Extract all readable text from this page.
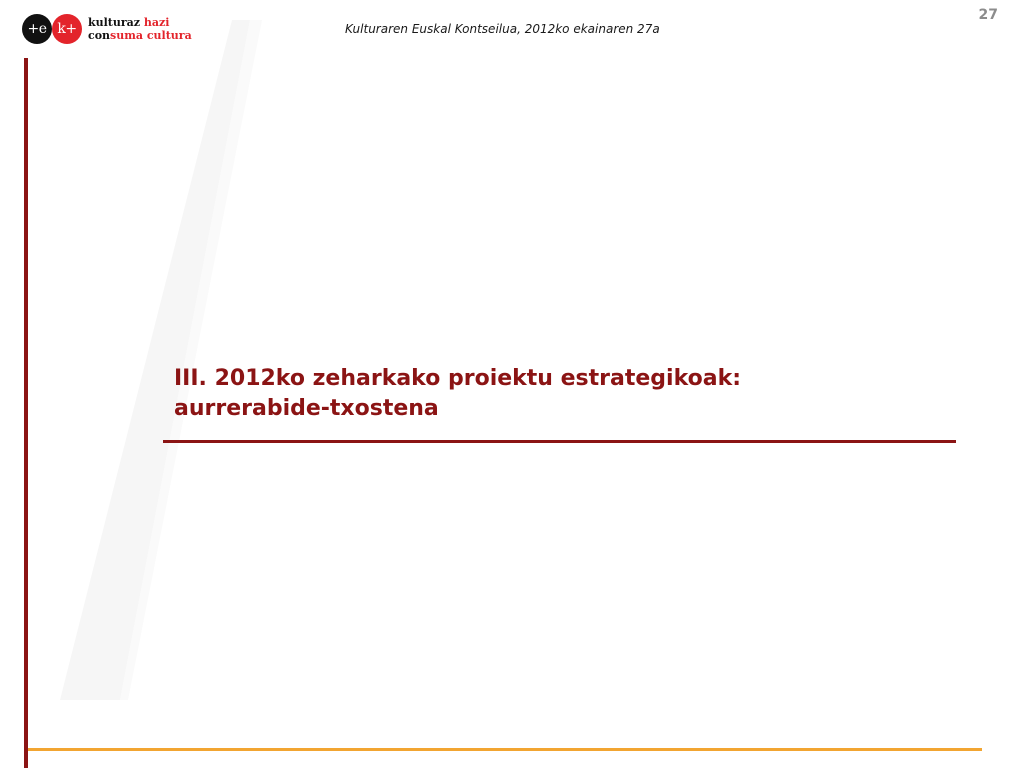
+e k+	kulturaz hazi
consuma cultura	Kulturaren Euskal Kontseilua, 2012ko ekainaren 27a
27
III. 2012ko zeharkako proiektu estrategikoak:
aurrerabide-txostena
